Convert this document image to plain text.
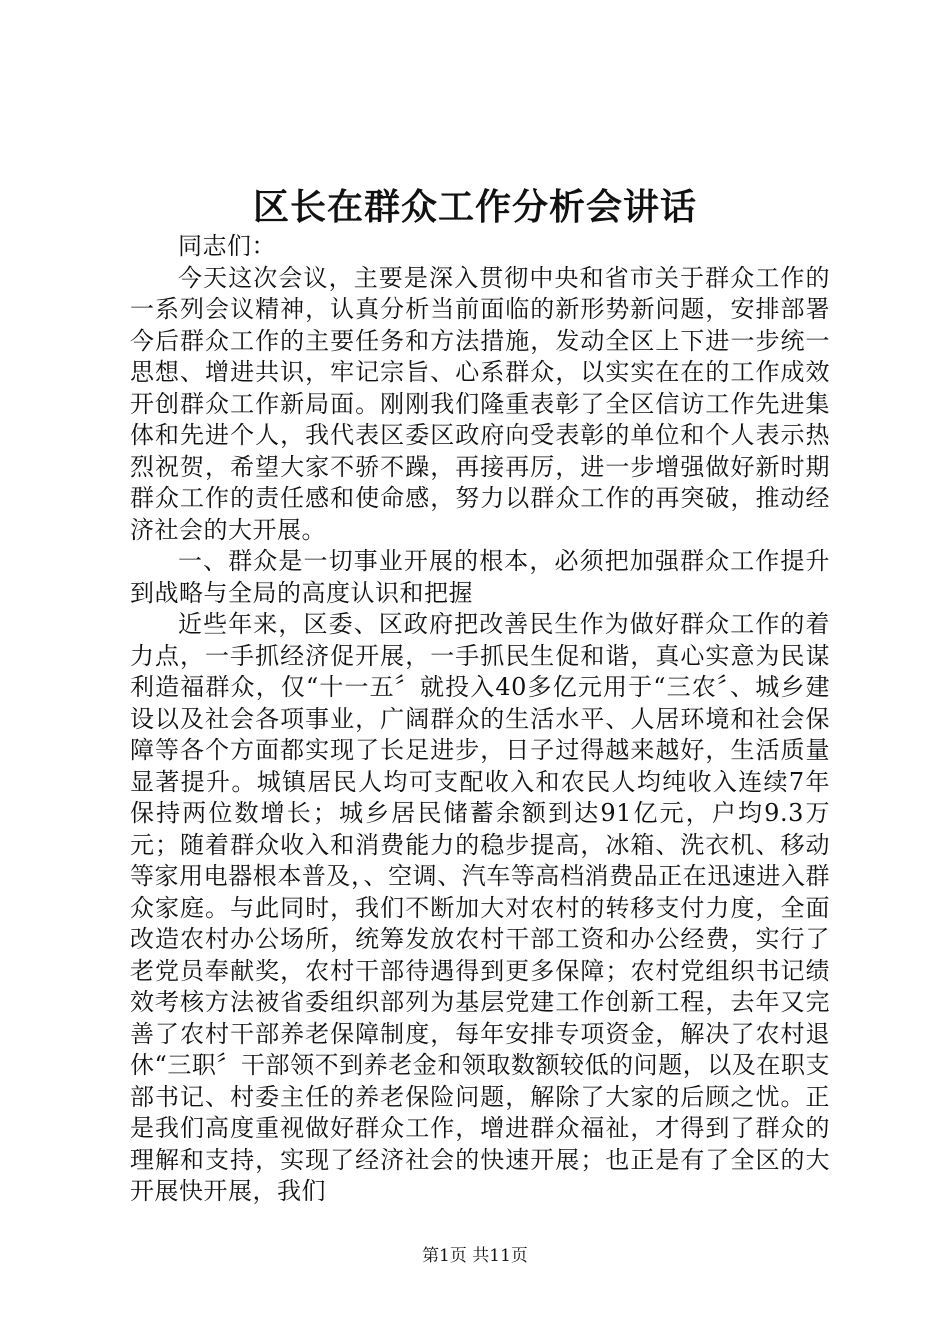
区长在群众工作分析会讲话

同志们：

今天这次会议，主要是深入贯彻中央和省市关于群众工作的一系列会议精神，认真分析当前面临的新形势新问题，安排部署今后群众工作的主要任务和方法措施，发动全区上下进一步统一思想、增进共识，牢记宗旨、心系群众，以实实在在的工作成效开创群众工作新局面。刚刚我们隆重表彰了全区信访工作先进集体和先进个人，我代表区委区政府向受表彰的单位和个人表示热烈祝贺，希望大家不骄不躁，再接再厉，进一步增强做好新时期群众工作的责任感和使命感，努力以群众工作的再突破，推动经济社会的大开展。

一、群众是一切事业开展的根本，必须把加强群众工作提升到战略与全局的高度认识和把握

近些年来，区委、区政府把改善民生作为做好群众工作的着力点，一手抓经济促开展，一手抓民生促和谐，真心实意为民谋利造福群众，仅“十一五〞就投入40多亿元用于“三农〞、城乡建设以及社会各项事业，广阔群众的生活水平、人居环境和社会保障等各个方面都实现了长足进步，日子过得越来越好，生活质量显著提升。城镇居民人均可支配收入和农民人均纯收入连续7年保持两位数增长；城乡居民储蓄余额到达91亿元，户均9.3万元；随着群众收入和消费能力的稳步提高，冰箱、洗衣机、移动　　等家用电器根本普及，、空调、汽车等高档消费品正在迅速进入群众家庭。与此同时，我们不断加大对农村的转移支付力度，全面改造农村办公场所，统筹发放农村干部工资和办公经费，实行了老党员奉献奖，农村干部待遇得到更多保障；农村党组织书记绩效考核方法被省委组织部列为基层党建工作创新工程，去年又完善了农村干部养老保障制度，每年安排专项资金，解决了农村退休“三职〞干部领不到养老金和领取数额较低的问题，以及在职支部书记、村委主任的养老保险问题，解除了大家的后顾之忧。正是我们高度重视做好群众工作，增进群众福祉，才得到了群众的理解和支持，实现了经济社会的快速开展；也正是有了全区的大开展快开展，我们

第1页 共11页
